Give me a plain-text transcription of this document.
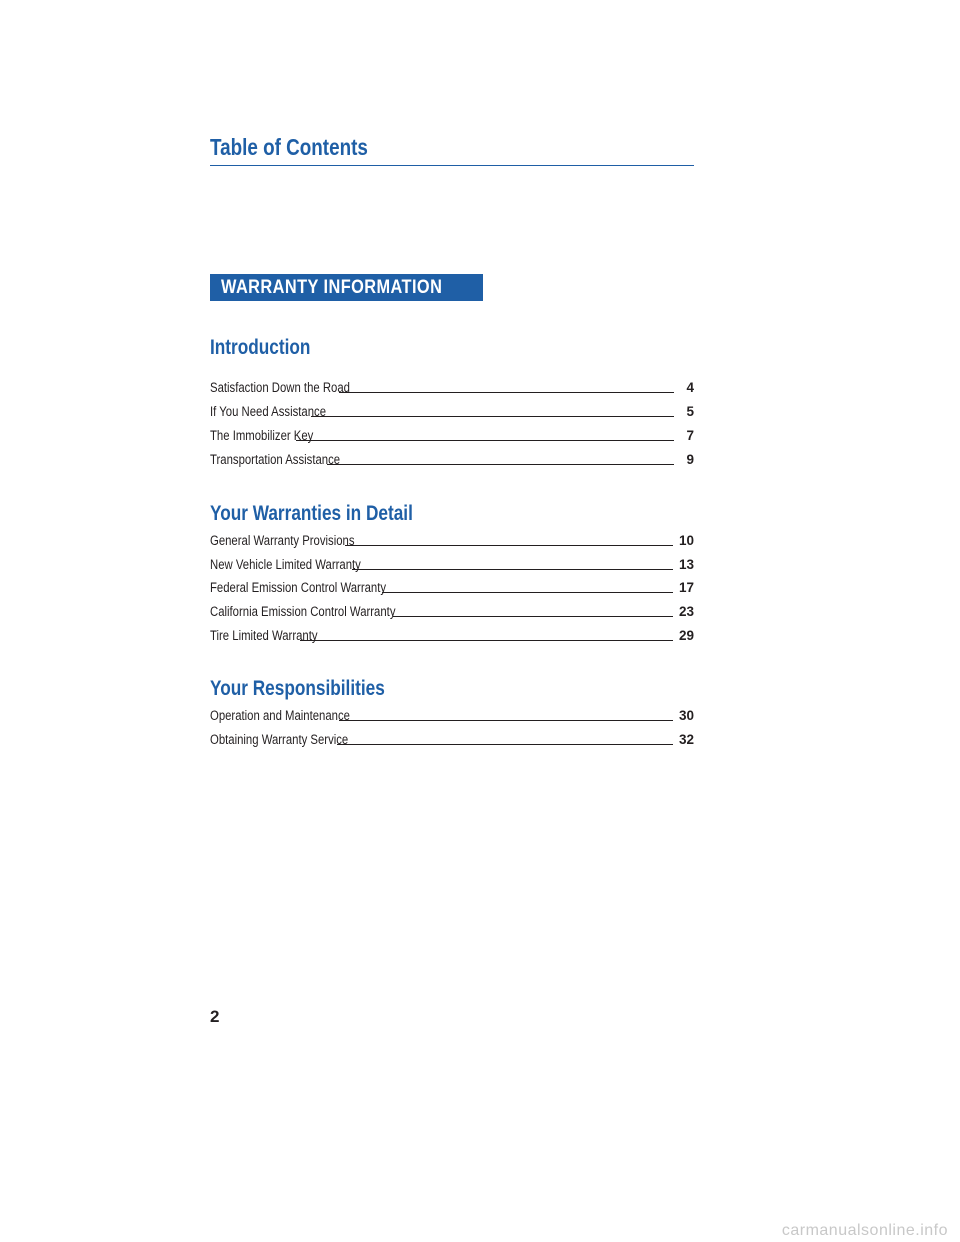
Table of Contents
WARRANTY INFORMATION
Introduction
Satisfaction Down the Road	4
If You Need Assistance	5
The Immobilizer Key	7
Transportation Assistance	9
Your Warranties in Detail
General Warranty Provisions	10
New Vehicle Limited Warranty	13
Federal Emission Control Warranty	17
California Emission Control Warranty	23
Tire Limited Warranty	29
Your Responsibilities
Operation and Maintenance	30
Obtaining Warranty Service	32
2
carmanualsonline.info
